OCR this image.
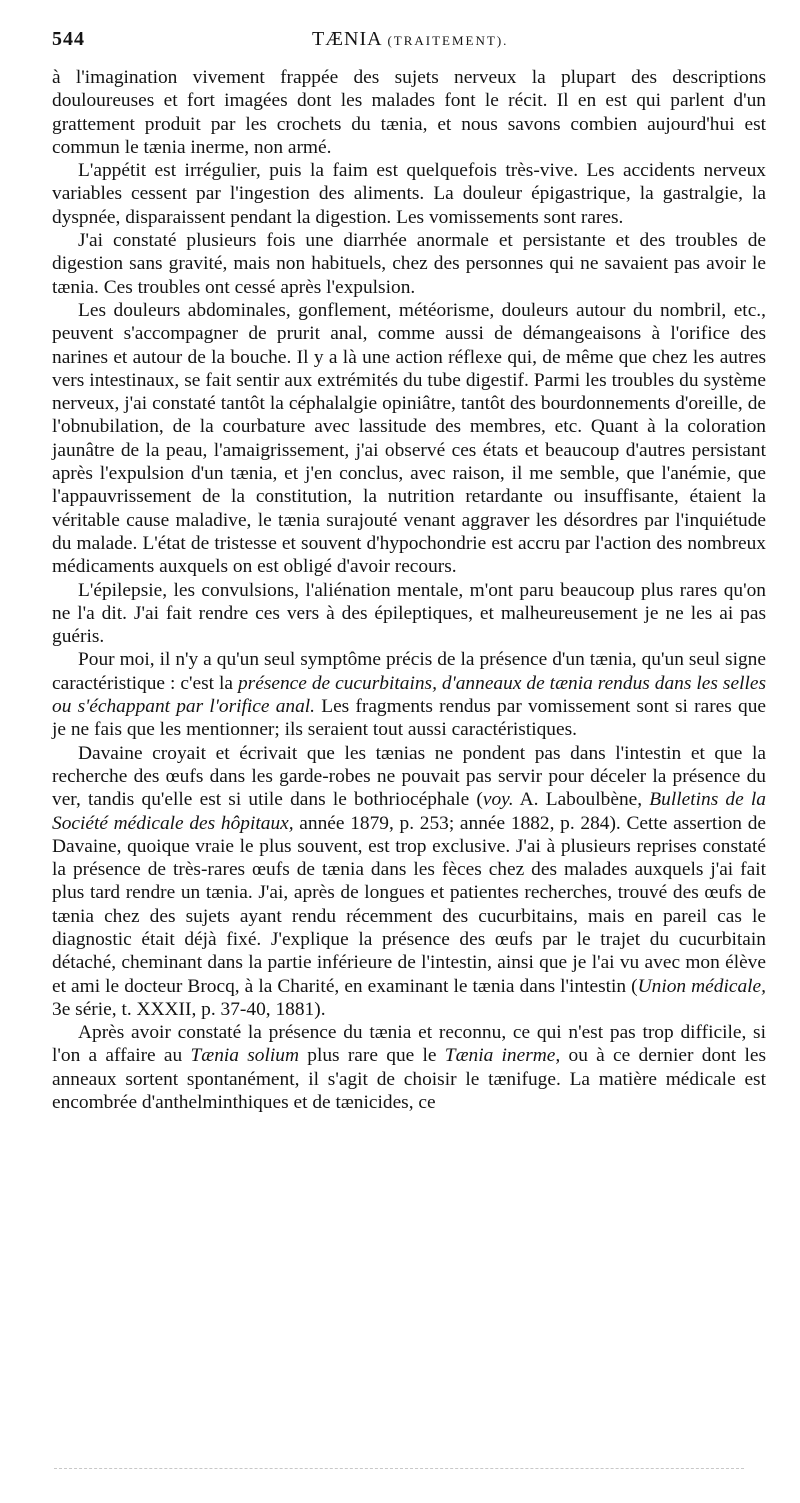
544	TÆNIA (TRAITEMENT).

à l'imagination vivement frappée des sujets nerveux la plupart des descriptions douloureuses et fort imagées dont les malades font le récit. Il en est qui parlent d'un grattement produit par les crochets du tænia, et nous savons combien aujourd'hui est commun le tænia inerme, non armé.

L'appétit est irrégulier, puis la faim est quelquefois très-vive. Les accidents nerveux variables cessent par l'ingestion des aliments. La douleur épigastrique, la gastralgie, la dyspnée, disparaissent pendant la digestion. Les vomissements sont rares.

J'ai constaté plusieurs fois une diarrhée anormale et persistante et des troubles de digestion sans gravité, mais non habituels, chez des personnes qui ne savaient pas avoir le tænia. Ces troubles ont cessé après l'expulsion.

Les douleurs abdominales, gonflement, météorisme, douleurs autour du nombril, etc., peuvent s'accompagner de prurit anal, comme aussi de démangeaisons à l'orifice des narines et autour de la bouche. Il y a là une action réflexe qui, de même que chez les autres vers intestinaux, se fait sentir aux extrémités du tube digestif. Parmi les troubles du système nerveux, j'ai constaté tantôt la céphalalgie opiniâtre, tantôt des bourdonnements d'oreille, de l'obnubilation, de la courbature avec lassitude des membres, etc. Quant à la coloration jaunâtre de la peau, l'amaigrissement, j'ai observé ces états et beaucoup d'autres persistant après l'expulsion d'un tænia, et j'en conclus, avec raison, il me semble, que l'anémie, que l'appauvrissement de la constitution, la nutrition retardante ou insuffisante, étaient la véritable cause maladive, le tænia surajouté venant aggraver les désordres par l'inquiétude du malade. L'état de tristesse et souvent d'hypochondrie est accru par l'action des nombreux médicaments auxquels on est obligé d'avoir recours.

L'épilepsie, les convulsions, l'aliénation mentale, m'ont paru beaucoup plus rares qu'on ne l'a dit. J'ai fait rendre ces vers à des épileptiques, et malheureusement je ne les ai pas guéris.

Pour moi, il n'y a qu'un seul symptôme précis de la présence d'un tænia, qu'un seul signe caractéristique : c'est la présence de cucurbitains, d'anneaux de tænia rendus dans les selles ou s'échappant par l'orifice anal. Les fragments rendus par vomissement sont si rares que je ne fais que les mentionner; ils seraient tout aussi caractéristiques.

Davaine croyait et écrivait que les tænias ne pondent pas dans l'intestin et que la recherche des œufs dans les garde-robes ne pouvait pas servir pour déceler la présence du ver, tandis qu'elle est si utile dans le bothriocéphale (voy. A. Laboulbène, Bulletins de la Société médicale des hôpitaux, année 1879, p. 253; année 1882, p. 284). Cette assertion de Davaine, quoique vraie le plus souvent, est trop exclusive. J'ai à plusieurs reprises constaté la présence de très-rares œufs de tænia dans les fèces chez des malades auxquels j'ai fait plus tard rendre un tænia. J'ai, après de longues et patientes recherches, trouvé des œufs de tænia chez des sujets ayant rendu récemment des cucurbitains, mais en pareil cas le diagnostic était déjà fixé. J'explique la présence des œufs par le trajet du cucurbitain détaché, cheminant dans la partie inférieure de l'intestin, ainsi que je l'ai vu avec mon élève et ami le docteur Brocq, à la Charité, en examinant le tænia dans l'intestin (Union médicale, 3e série, t. XXXII, p. 37-40, 1881).

Après avoir constaté la présence du tænia et reconnu, ce qui n'est pas trop difficile, si l'on a affaire au Tænia solium plus rare que le Tænia inerme, ou à ce dernier dont les anneaux sortent spontanément, il s'agit de choisir le tænifuge. La matière médicale est encombrée d'anthelminthiques et de tænicides, ce
